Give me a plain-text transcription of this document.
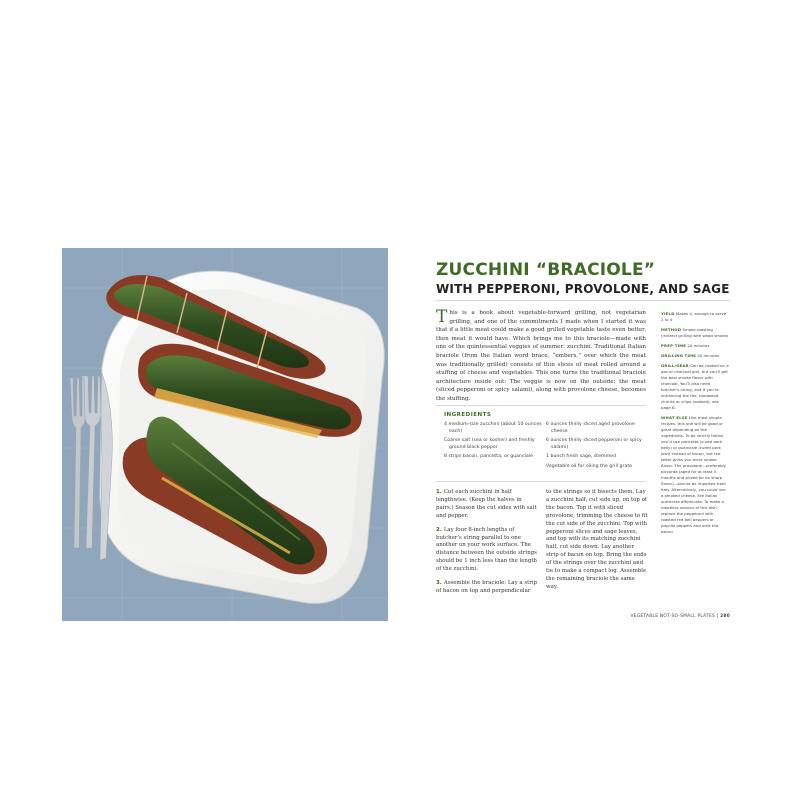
ZUCCHINI “BRACIOLE”
WITH PEPPERONI, PROVOLONE, AND SAGE
This is a book about vegetable-forward grilling, not vegetarian grilling, and one of the commitments I made when I started it was that if a little meat could make a good grilled vegetable taste even better, then meat it would have. Which brings me to this braciole—made with one of the quintessential veggies of summer: zucchini. Traditional Italian braciole (from the Italian word brace, “embers,” over which the meat was traditionally grilled) consists of thin slices of meat rolled around a stuffing of cheese and vegetables. This one turns the traditional braciole architecture inside out: The veggie is now on the outside; the meat (sliced pepperoni or spicy salami), along with provolone cheese, becomes the stuffing.
INGREDIENTS
4 medium-size zucchini (about 10 ounces each)
Coarse salt (sea or kosher) and freshly ground black pepper
8 strips bacon, pancetta, or guanciale
6 ounces thinly sliced aged provolone cheese
6 ounces thinly sliced pepperoni or spicy salami)
1 bunch fresh sage, stemmed
Vegetable oil for oiling the grill grate
1. Cut each zucchini in half lengthwise. (Keep the halves in pairs.) Season the cut sides with salt and pepper.
2. Lay four 8-inch lengths of butcher’s string parallel to one another on your work surface. The distance between the outside strings should be 1 inch less than the length of the zucchini.
3. Assemble the braciole: Lay a strip of bacon on top and perpendicular
to the strings so it bisects them. Lay a zucchini half, cut side up, on top of the bacon. Top it with sliced provolone, trimming the cheese to fit the cut side of the zucchini. Top with pepperoni slices and sage leaves, and top with its matching zucchini half, cut side down. Lay another strip of bacon on top. Bring the ends of the strings over the zucchini and tie to make a compact log. Assemble the remaining braciole the same way.
YIELD Makes 4, enough to serve 2 to 4
METHOD Smoke-roasting (indirect grilling with wood smoke)
PREP TIME 20 minutes
GRILLING TIME 20 minutes
GRILL/GEAR Can be cooked on a gas or charcoal grill, but you’ll get the best smoke flavor with charcoal. You’ll also need butcher’s string, and if you’re enhancing the fire, hardwood chunks or chips (soaked); see page 6.
WHAT ELSE Like most simple recipes, this one will be good or great depending on the ingredients. To be strictly Italian, you’d use pancetta (cured pork belly) or guanciale (cured pork jowl) instead of bacon, but the latter gives you more smoke flavor. The provolone—preferably piccante (aged for at least 4 months and prized for its sharp flavor)—should be imported from Italy. Alternatively, you could use a smoked cheese, like Italian scamorza affumicata. To make a meatless version of this dish, replace the pepperoni with roasted red bell peppers or piquillo peppers and omit the bacon.
VEGETABLE NOT-SO-SMALL PLATES | 280
